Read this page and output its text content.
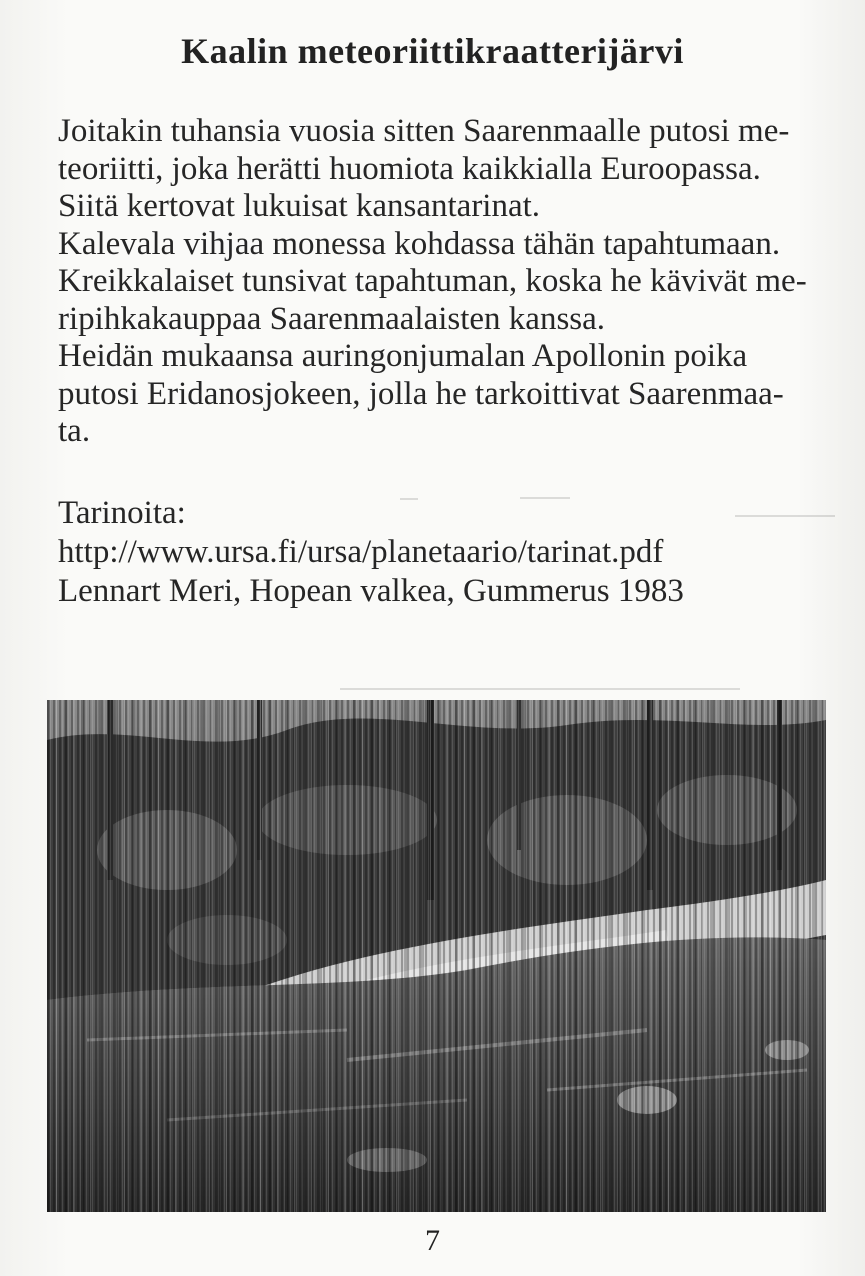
Kaalin meteoriittikraatterijärvi
Joitakin tuhansia vuosia sitten Saarenmaalle putosi me-
teoriitti, joka herätti huomiota kaikkialla Euroopassa.
Siitä kertovat lukuisat kansantarinat.
Kalevala vihjaa monessa kohdassa tähän tapahtumaan.
Kreikkalaiset tunsivat tapahtuman, koska he kävivät me-
ripihkakauppaa Saarenmaalaisten kanssa.
Heidän mukaansa auringonjumalan Apollonin poika
putosi Eridanosjokeen, jolla he tarkoittivat Saarenmaa-
ta.
Tarinoita:
http://www.ursa.fi/ursa/planetaario/tarinat.pdf
Lennart Meri, Hopean valkea, Gummerus 1983
7
